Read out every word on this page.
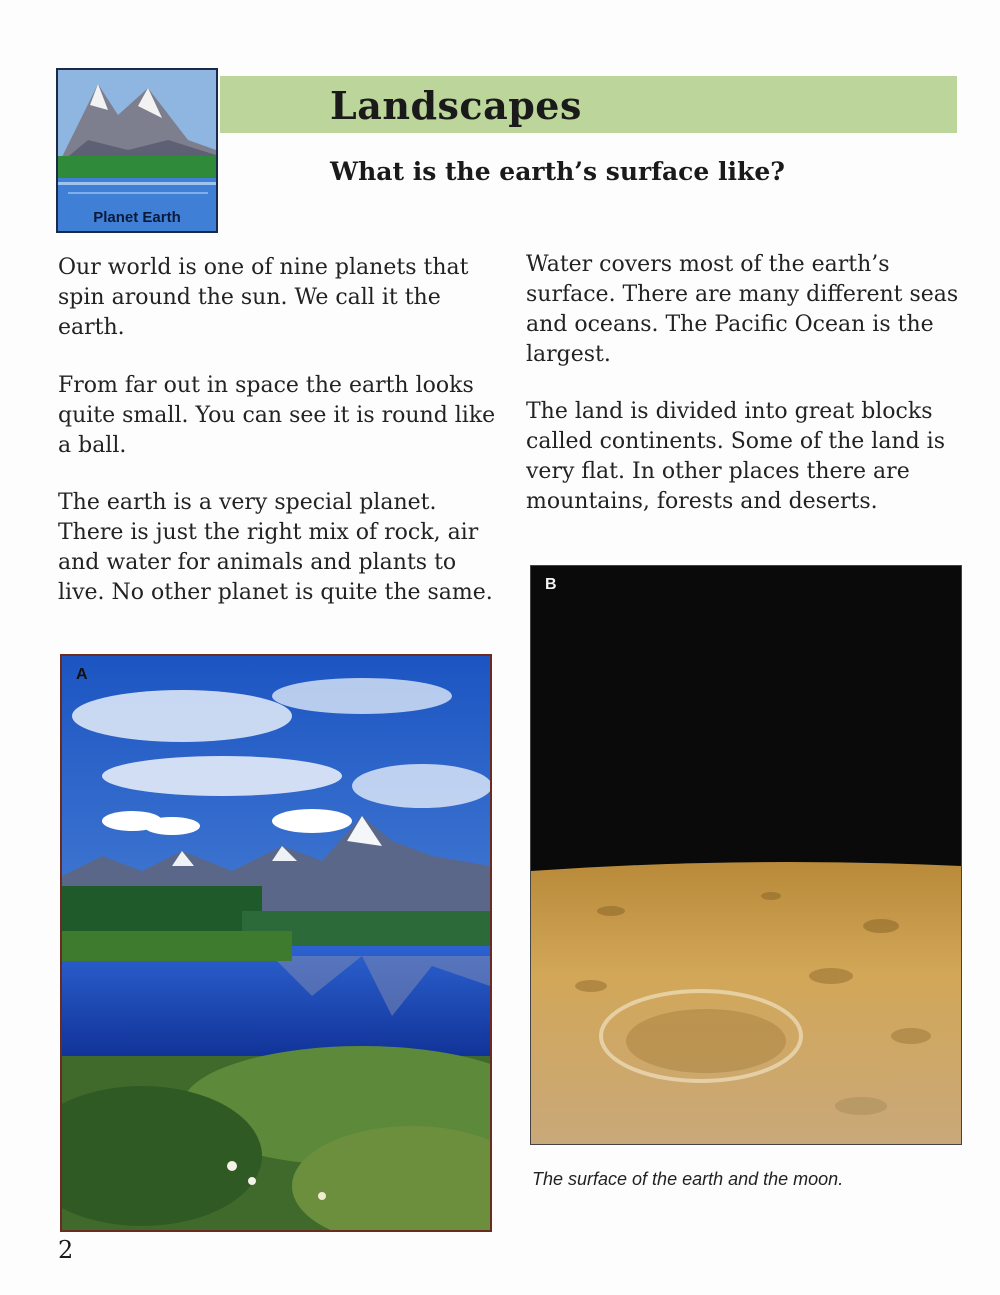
Planet Earth
Landscapes
What is the earth’s surface like?

Our world is one of nine planets that spin around the sun. We call it the earth.

From far out in space the earth looks quite small. You can see it is round like a ball.

The earth is a very special planet. There is just the right mix of rock, air and water for animals and plants to live. No other planet is quite the same.

Water covers most of the earth’s surface. There are many different seas and oceans. The Pacific Ocean is the largest.

The land is divided into great blocks called continents. Some of the land is very flat. In other places there are mountains, forests and deserts.

A
B

The surface of the earth and the moon.

2
